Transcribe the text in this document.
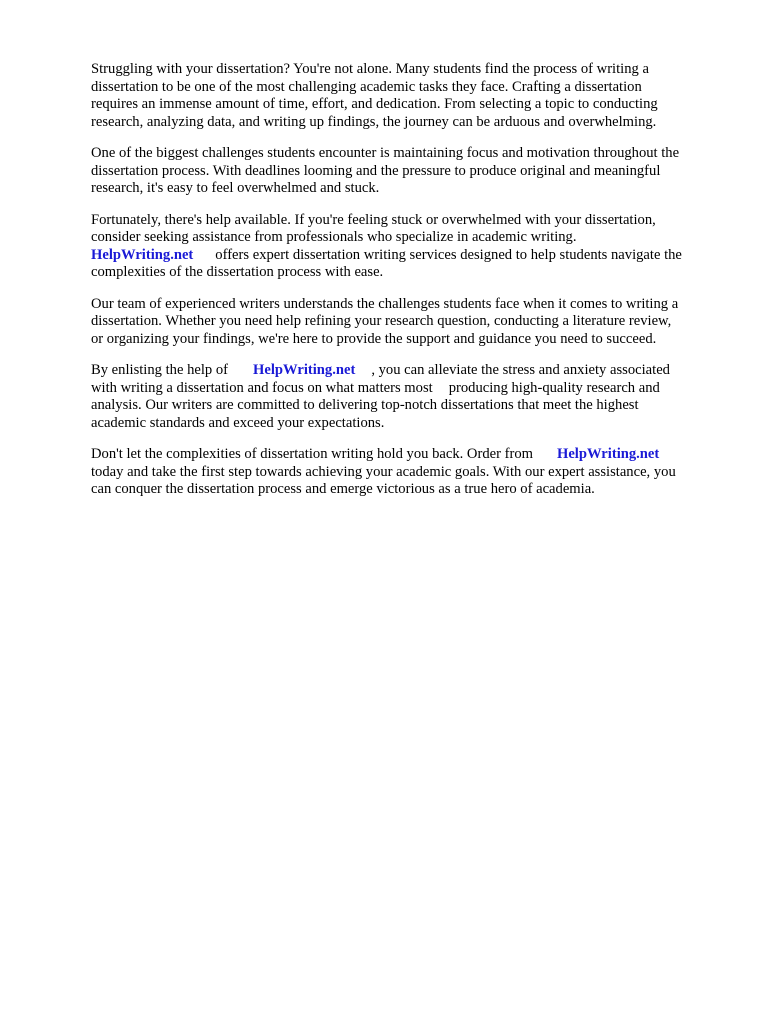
Struggling with your dissertation? You're not alone. Many students find the process of writing a
dissertation to be one of the most challenging academic tasks they face. Crafting a dissertation
requires an immense amount of time, effort, and dedication. From selecting a topic to conducting
research, analyzing data, and writing up findings, the journey can be arduous and overwhelming.
One of the biggest challenges students encounter is maintaining focus and motivation throughout the
dissertation process. With deadlines looming and the pressure to produce original and meaningful
research, it's easy to feel overwhelmed and stuck.
Fortunately, there's help available. If you're feeling stuck or overwhelmed with your dissertation,
consider seeking assistance from professionals who specialize in academic writing.
HelpWriting.net offers expert dissertation writing services designed to help students navigate the
complexities of the dissertation process with ease.
Our team of experienced writers understands the challenges students face when it comes to writing a
dissertation. Whether you need help refining your research question, conducting a literature review,
or organizing your findings, we're here to provide the support and guidance you need to succeed.
By enlisting the help of HelpWriting.net , you can alleviate the stress and anxiety associated
with writing a dissertation and focus on what matters most producing high-quality research and
analysis. Our writers are committed to delivering top-notch dissertations that meet the highest
academic standards and exceed your expectations.
Don't let the complexities of dissertation writing hold you back. Order from HelpWriting.net
today and take the first step towards achieving your academic goals. With our expert assistance, you
can conquer the dissertation process and emerge victorious as a true hero of academia.
